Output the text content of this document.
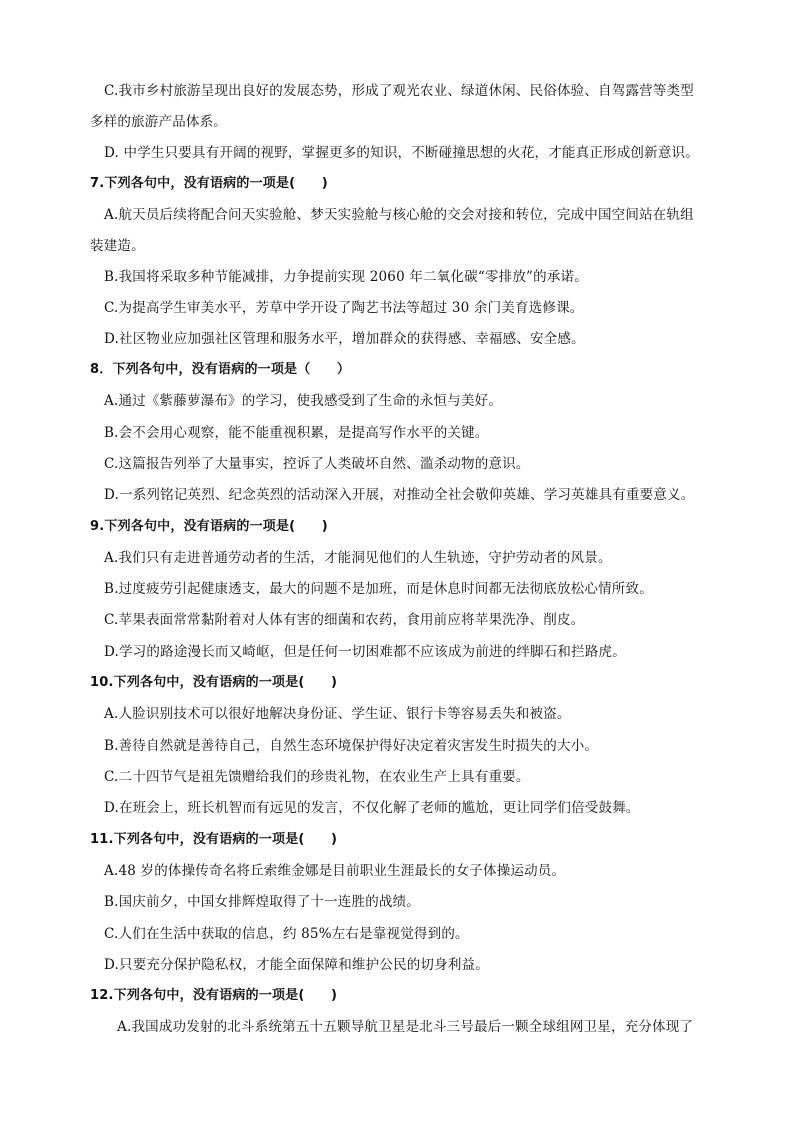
C.我市乡村旅游呈现出良好的发展态势，形成了观光农业、绿道休闲、民俗体验、自驾露营等类型
多样的旅游产品体系。
D. 中学生只要具有开阔的视野，掌握更多的知识，不断碰撞思想的火花，才能真正形成创新意识。
7.下列各句中，没有语病的一项是(　　)
A.航天员后续将配合问天实验舱、梦天实验舱与核心舱的交会对接和转位，完成中国空间站在轨组
装建造。
B.我国将采取多种节能减排，力争提前实现 2060 年二氧化碳“零排放”的承诺。
C.为提高学生审美水平，芳草中学开设了陶艺书法等超过 30 余门美育选修课。
D.社区物业应加强社区管理和服务水平，增加群众的获得感、幸福感、安全感。
8．下列各句中，没有语病的一项是（　　）
A.通过《紫藤萝瀑布》的学习，使我感受到了生命的永恒与美好。
B.会不会用心观察，能不能重视积累，是提高写作水平的关键。
C.这篇报告列举了大量事实，控诉了人类破坏自然、滥杀动物的意识。
D.一系列铭记英烈、纪念英烈的活动深入开展，对推动全社会敬仰英雄、学习英雄具有重要意义。
9.下列各句中，没有语病的一项是(　　)
A.我们只有走进普通劳动者的生活，才能洞见他们的人生轨迹，守护劳动者的风景。
B.过度疲劳引起健康透支，最大的问题不是加班，而是休息时间都无法彻底放松心情所致。
C.苹果表面常常黏附着对人体有害的细菌和农药，食用前应将苹果洗净、削皮。
D.学习的路途漫长而又崎岖，但是任何一切困难都不应该成为前进的绊脚石和拦路虎。
10.下列各句中，没有语病的一项是(　　)
A.人脸识别技术可以很好地解决身份证、学生证、银行卡等容易丢失和被盗。
B.善待自然就是善待自己，自然生态环境保护得好决定着灾害发生时损失的大小。
C.二十四节气是祖先馈赠给我们的珍贵礼物，在农业生产上具有重要。
D.在班会上，班长机智而有远见的发言，不仅化解了老师的尴尬，更让同学们倍受鼓舞。
11.下列各句中，没有语病的一项是(　　)
A.48 岁的体操传奇名将丘索维金娜是目前职业生涯最长的女子体操运动员。
B.国庆前夕，中国女排辉煌取得了十一连胜的战绩。
C.人们在生活中获取的信息，约 85%左右是靠视觉得到的。
D.只要充分保护隐私权，才能全面保障和维护公民的切身利益。
12.下列各句中，没有语病的一项是(　　)
A.我国成功发射的北斗系统第五十五颗导航卫星是北斗三号最后一颗全球组网卫星，充分体现了
